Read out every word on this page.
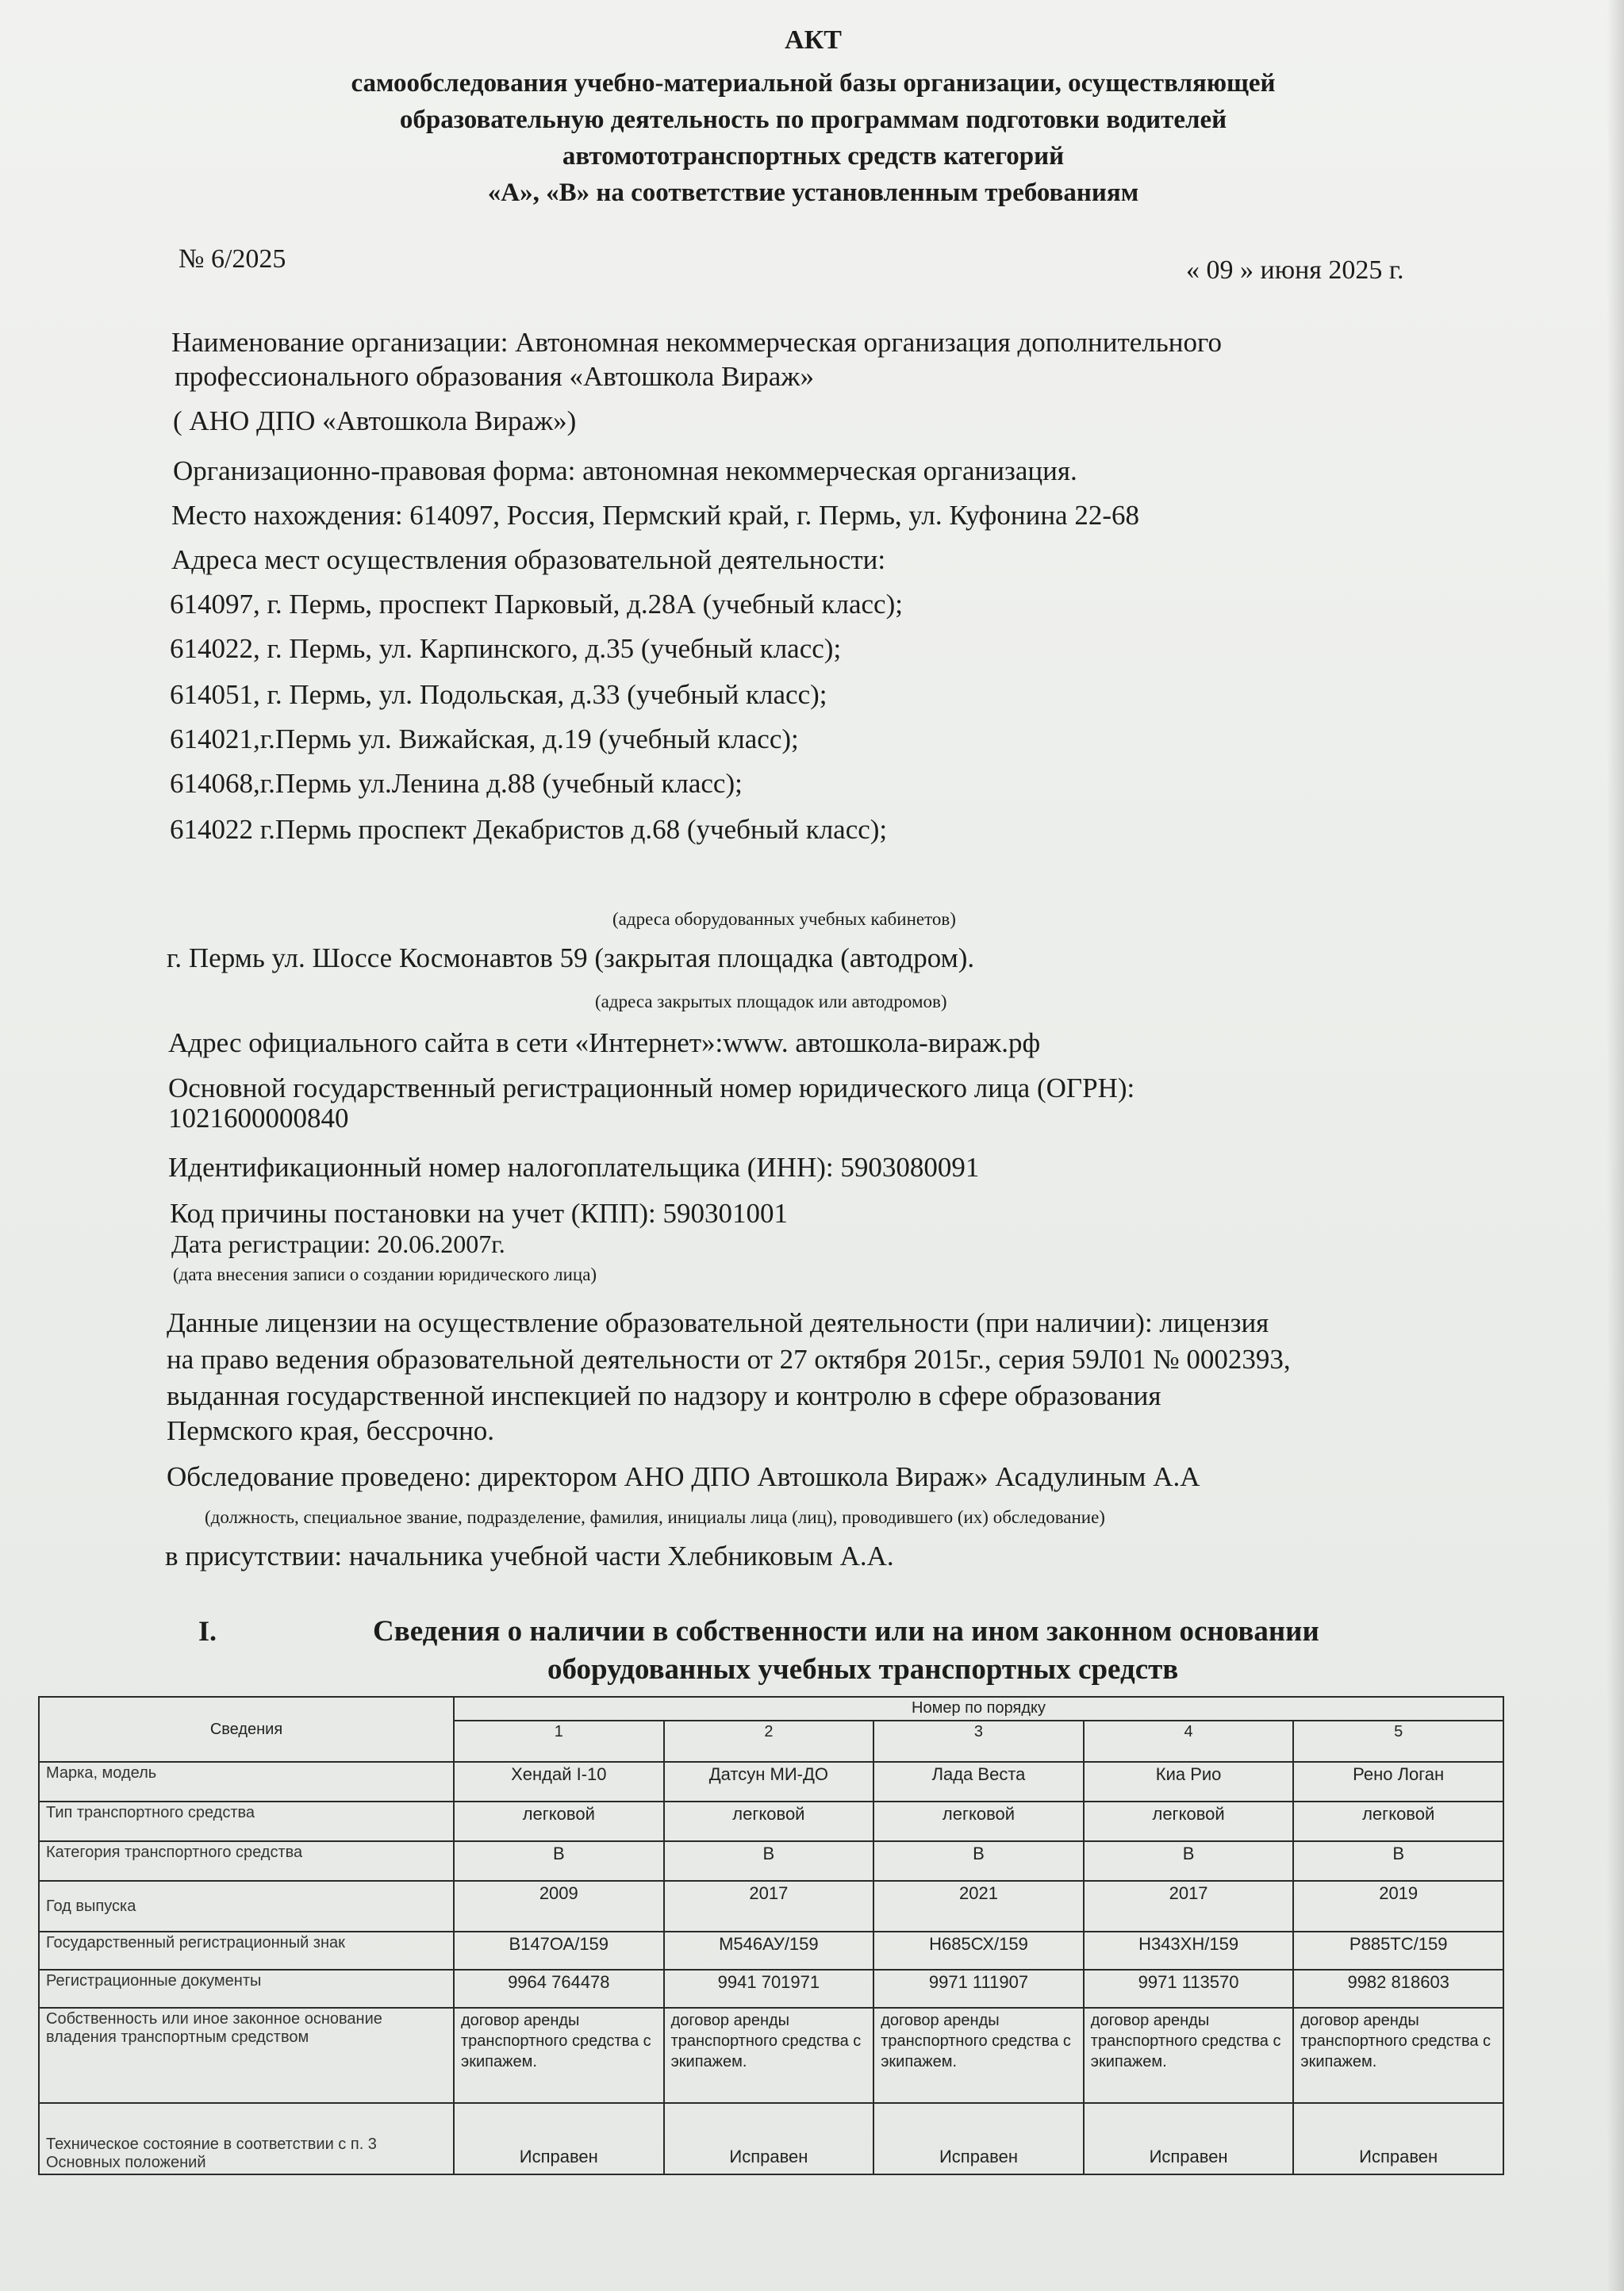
АКТ
самообследования учебно-материальной базы организации, осуществляющей
образовательную деятельность по программам подготовки водителей
автомототранспортных средств категорий
«А», «В» на соответствие установленным требованиям
№ 6/2025	« 09 » июня 2025 г.
Наименование организации: Автономная некоммерческая организация дополнительного
профессионального образования «Автошкола Вираж»
( АНО ДПО «Автошкола Вираж»)
Организационно-правовая форма: автономная некоммерческая организация.
Место нахождения: 614097, Россия, Пермский край, г. Пермь, ул. Куфонина 22-68
Адреса мест осуществления образовательной деятельности:
614097, г. Пермь, проспект Парковый, д.28А (учебный класс);
614022, г. Пермь, ул. Карпинского, д.35 (учебный класс);
614051, г. Пермь, ул. Подольская, д.33 (учебный класс);
614021,г.Пермь ул. Вижайская, д.19 (учебный класс);
614068,г.Пермь ул.Ленина д.88 (учебный класс);
614022 г.Пермь проспект Декабристов д.68 (учебный класс);
(адреса оборудованных учебных кабинетов)
г. Пермь ул. Шоссе Космонавтов 59 (закрытая площадка (автодром).
(адреса закрытых площадок или автодромов)
Адрес официального сайта в сети «Интернет»:www. автошкола-вираж.рф
Основной государственный регистрационный номер юридического лица (ОГРН):
1021600000840
Идентификационный номер налогоплательщика (ИНН): 5903080091
Код причины постановки на учет (КПП): 590301001
Дата регистрации: 20.06.2007г.
(дата внесения записи о создании юридического лица)
Данные лицензии на осуществление образовательной деятельности (при наличии): лицензия
на право ведения образовательной деятельности от 27 октября 2015г., серия 59Л01 № 0002393,
выданная государственной инспекцией по надзору и контролю в сфере образования
Пермского края, бессрочно.
Обследование проведено: директором АНО ДПО Автошкола Вираж» Асадулиным А.А
(должность, специальное звание, подразделение, фамилия, инициалы лица (лиц), проводившего (их) обследование)
в присутствии: начальника учебной части Хлебниковым А.А.
I.	Сведения о наличии в собственности или на ином законном основании
оборудованных учебных транспортных средств
Сведения	Номер по порядку				
	1	2	3	4	5
Марка, модель	Хендай I-10	Датсун МИ-ДО	Лада Веста	Киа Рио	Рено Логан
Тип транспортного средства	легковой	легковой	легковой	легковой	легковой
Категория транспортного средства	В	В	В	В	В
Год выпуска	2009	2017	2021	2017	2019
Государственный регистрационный знак	В147ОА/159	М546АУ/159	Н685СХ/159	Н343ХН/159	Р885ТС/159
Регистрационные документы	9964 764478	9941 701971	9971 111907	9971 113570	9982 818603
Собственность или иное законное основание владения транспортным средством	договор аренды транспортного средства с экипажем.	договор аренды транспортного средства с экипажем.	договор аренды транспортного средства с экипажем.	договор аренды транспортного средства с экипажем.	договор аренды транспортного средства с экипажем.
Техническое состояние в соответствии с п. 3 Основных положений	Исправен	Исправен	Исправен	Исправен	Исправен
